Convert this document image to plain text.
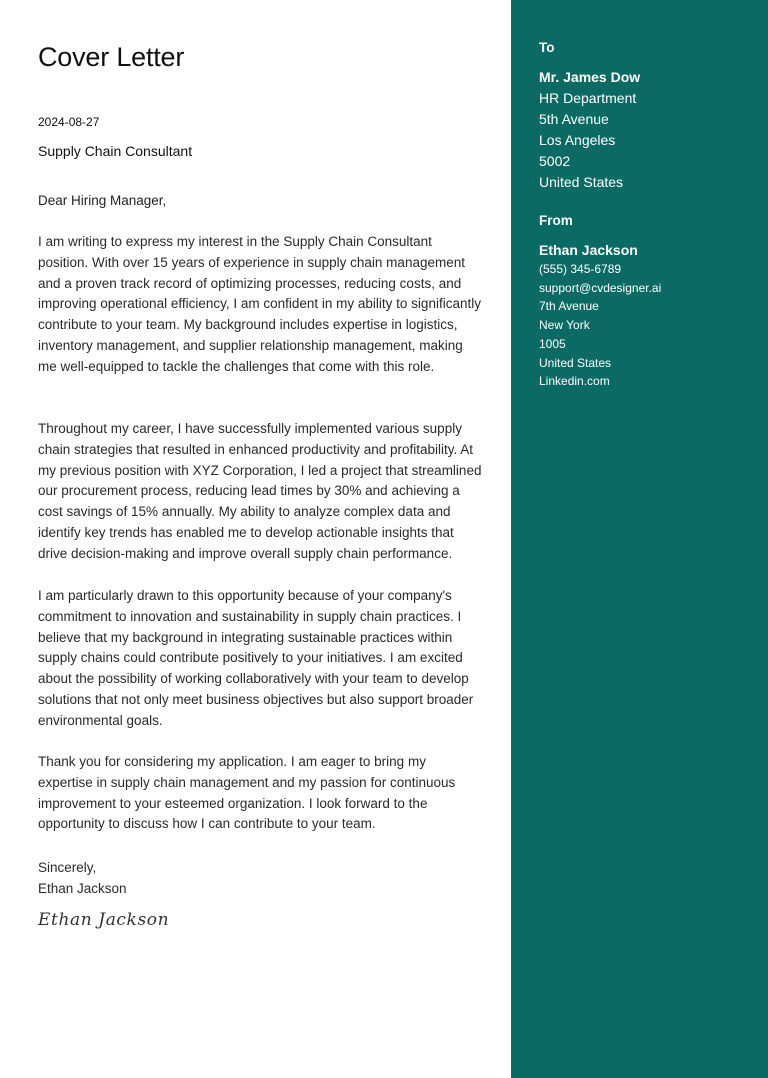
Cover Letter
2024-08-27
Supply Chain Consultant
Dear Hiring Manager,

I am writing to express my interest in the Supply Chain Consultant position. With over 15 years of experience in supply chain management and a proven track record of optimizing processes, reducing costs, and improving operational efficiency, I am confident in my ability to significantly contribute to your team. My background includes expertise in logistics, inventory management, and supplier relationship management, making me well-equipped to tackle the challenges that come with this role.

Throughout my career, I have successfully implemented various supply chain strategies that resulted in enhanced productivity and profitability. At my previous position with XYZ Corporation, I led a project that streamlined our procurement process, reducing lead times by 30% and achieving a cost savings of 15% annually. My ability to analyze complex data and identify key trends has enabled me to develop actionable insights that drive decision-making and improve overall supply chain performance.

I am particularly drawn to this opportunity because of your company's commitment to innovation and sustainability in supply chain practices. I believe that my background in integrating sustainable practices within supply chains could contribute positively to your initiatives. I am excited about the possibility of working collaboratively with your team to develop solutions that not only meet business objectives but also support broader environmental goals.

Thank you for considering my application. I am eager to bring my expertise in supply chain management and my passion for continuous improvement to your esteemed organization. I look forward to the opportunity to discuss how I can contribute to your team.

Sincerely,
Ethan Jackson
Ethan Jackson
To
Mr. James Dow
HR Department
5th Avenue
Los Angeles
5002
United States
From
Ethan Jackson
(555) 345-6789
support@cvdesigner.ai
7th Avenue
New York
1005
United States
Linkedin.com
